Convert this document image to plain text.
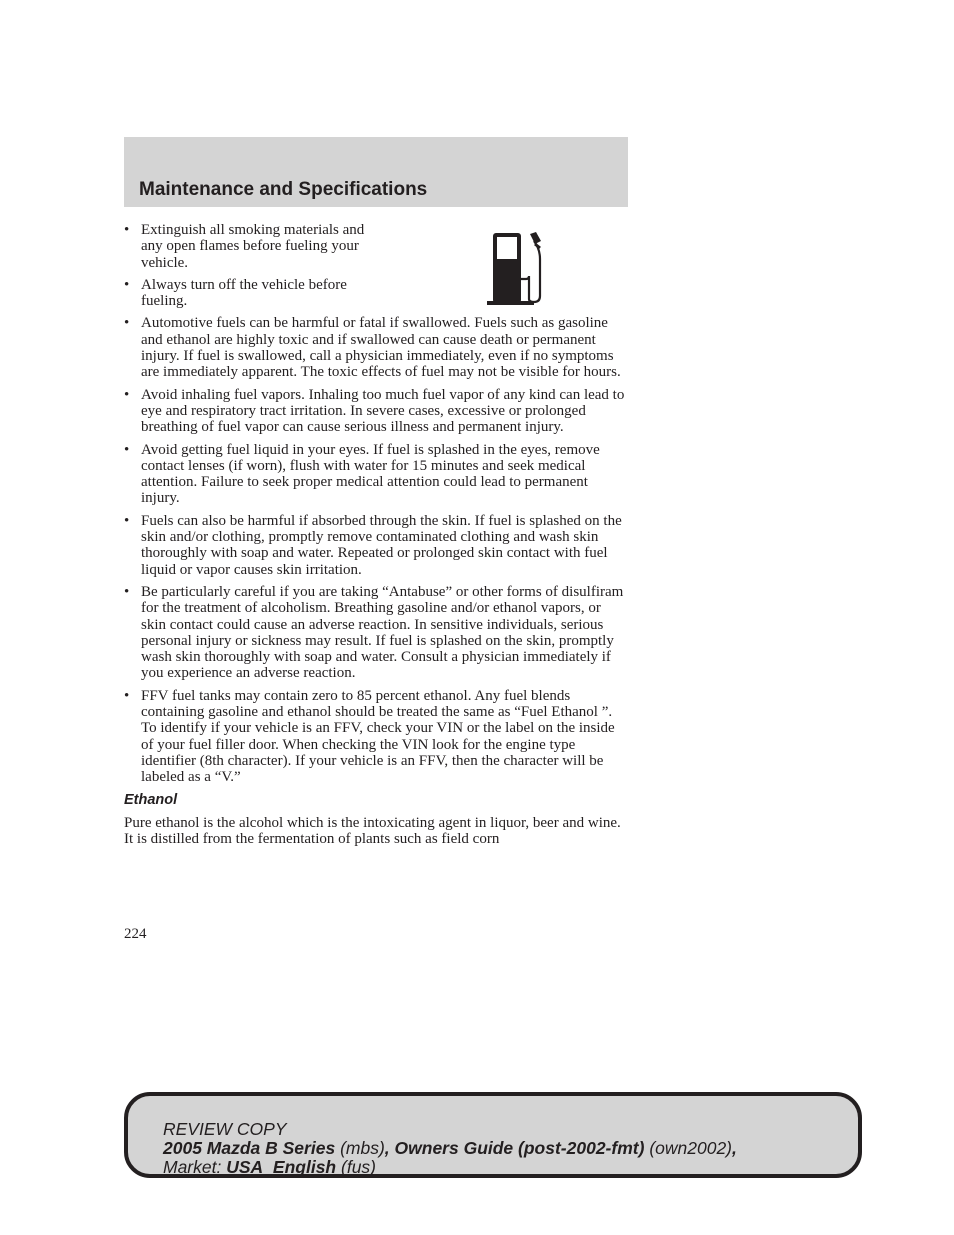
Maintenance and Specifications
• Extinguish all smoking materials and any open flames before fueling your vehicle.
• Always turn off the vehicle before fueling.
• Automotive fuels can be harmful or fatal if swallowed. Fuels such as gasoline and ethanol are highly toxic and if swallowed can cause death or permanent injury. If fuel is swallowed, call a physician immediately, even if no symptoms are immediately apparent. The toxic effects of fuel may not be visible for hours.
• Avoid inhaling fuel vapors. Inhaling too much fuel vapor of any kind can lead to eye and respiratory tract irritation. In severe cases, excessive or prolonged breathing of fuel vapor can cause serious illness and permanent injury.
• Avoid getting fuel liquid in your eyes. If fuel is splashed in the eyes, remove contact lenses (if worn), flush with water for 15 minutes and seek medical attention. Failure to seek proper medical attention could lead to permanent injury.
• Fuels can also be harmful if absorbed through the skin. If fuel is splashed on the skin and/or clothing, promptly remove contaminated clothing and wash skin thoroughly with soap and water. Repeated or prolonged skin contact with fuel liquid or vapor causes skin irritation.
• Be particularly careful if you are taking “Antabuse” or other forms of disulfiram for the treatment of alcoholism. Breathing gasoline and/or ethanol vapors, or skin contact could cause an adverse reaction. In sensitive individuals, serious personal injury or sickness may result. If fuel is splashed on the skin, promptly wash skin thoroughly with soap and water. Consult a physician immediately if you experience an adverse reaction.
• FFV fuel tanks may contain zero to 85 percent ethanol. Any fuel blends containing gasoline and ethanol should be treated the same as “Fuel Ethanol ”. To identify if your vehicle is an FFV, check your VIN or the label on the inside of your fuel filler door. When checking the VIN look for the engine type identifier (8th character). If your vehicle is an FFV, then the character will be labeled as a “V.”
Ethanol

Pure ethanol is the alcohol which is the intoxicating agent in liquor, beer and wine. It is distilled from the fermentation of plants such as field corn

224
REVIEW COPY
2005 Mazda B Series (mbs), Owners Guide (post-2002-fmt) (own2002),
Market: USA_English (fus)
